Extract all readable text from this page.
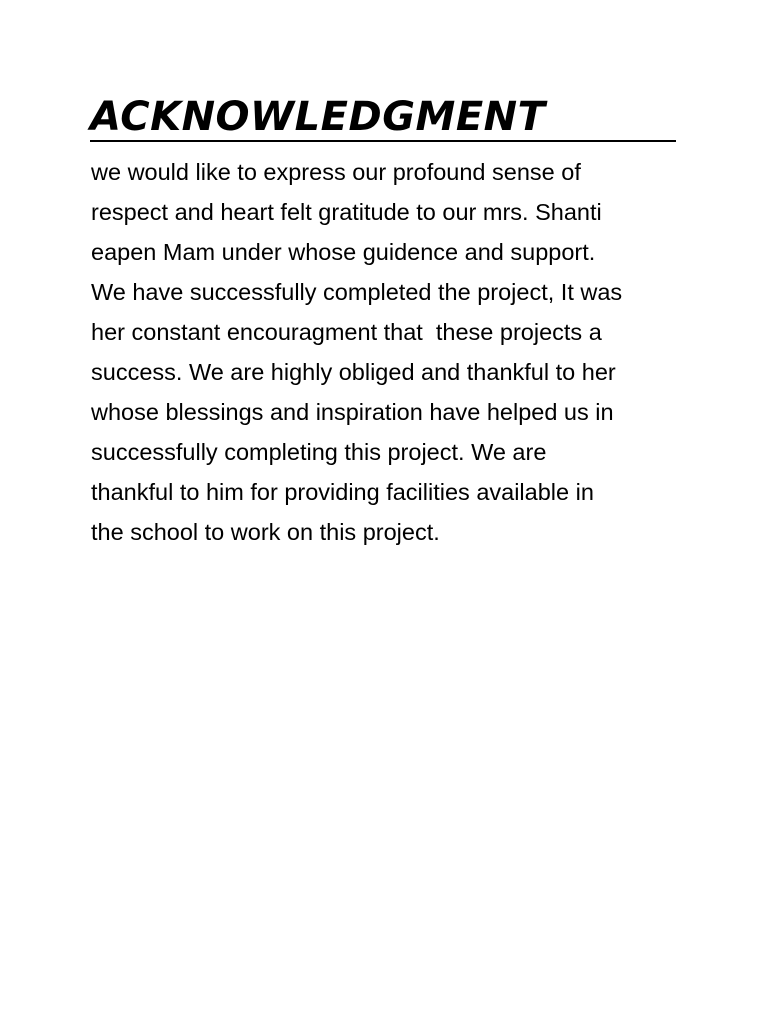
ACKNOWLEDGMENT

we would like to express our profound sense of
respect and heart felt gratitude to our mrs. Shanti
eapen Mam under whose guidence and support.
We have successfully completed the project, It was
her constant encouragment that  these projects a
success. We are highly obliged and thankful to her
whose blessings and inspiration have helped us in
successfully completing this project. We are
thankful to him for providing facilities available in
the school to work on this project.
